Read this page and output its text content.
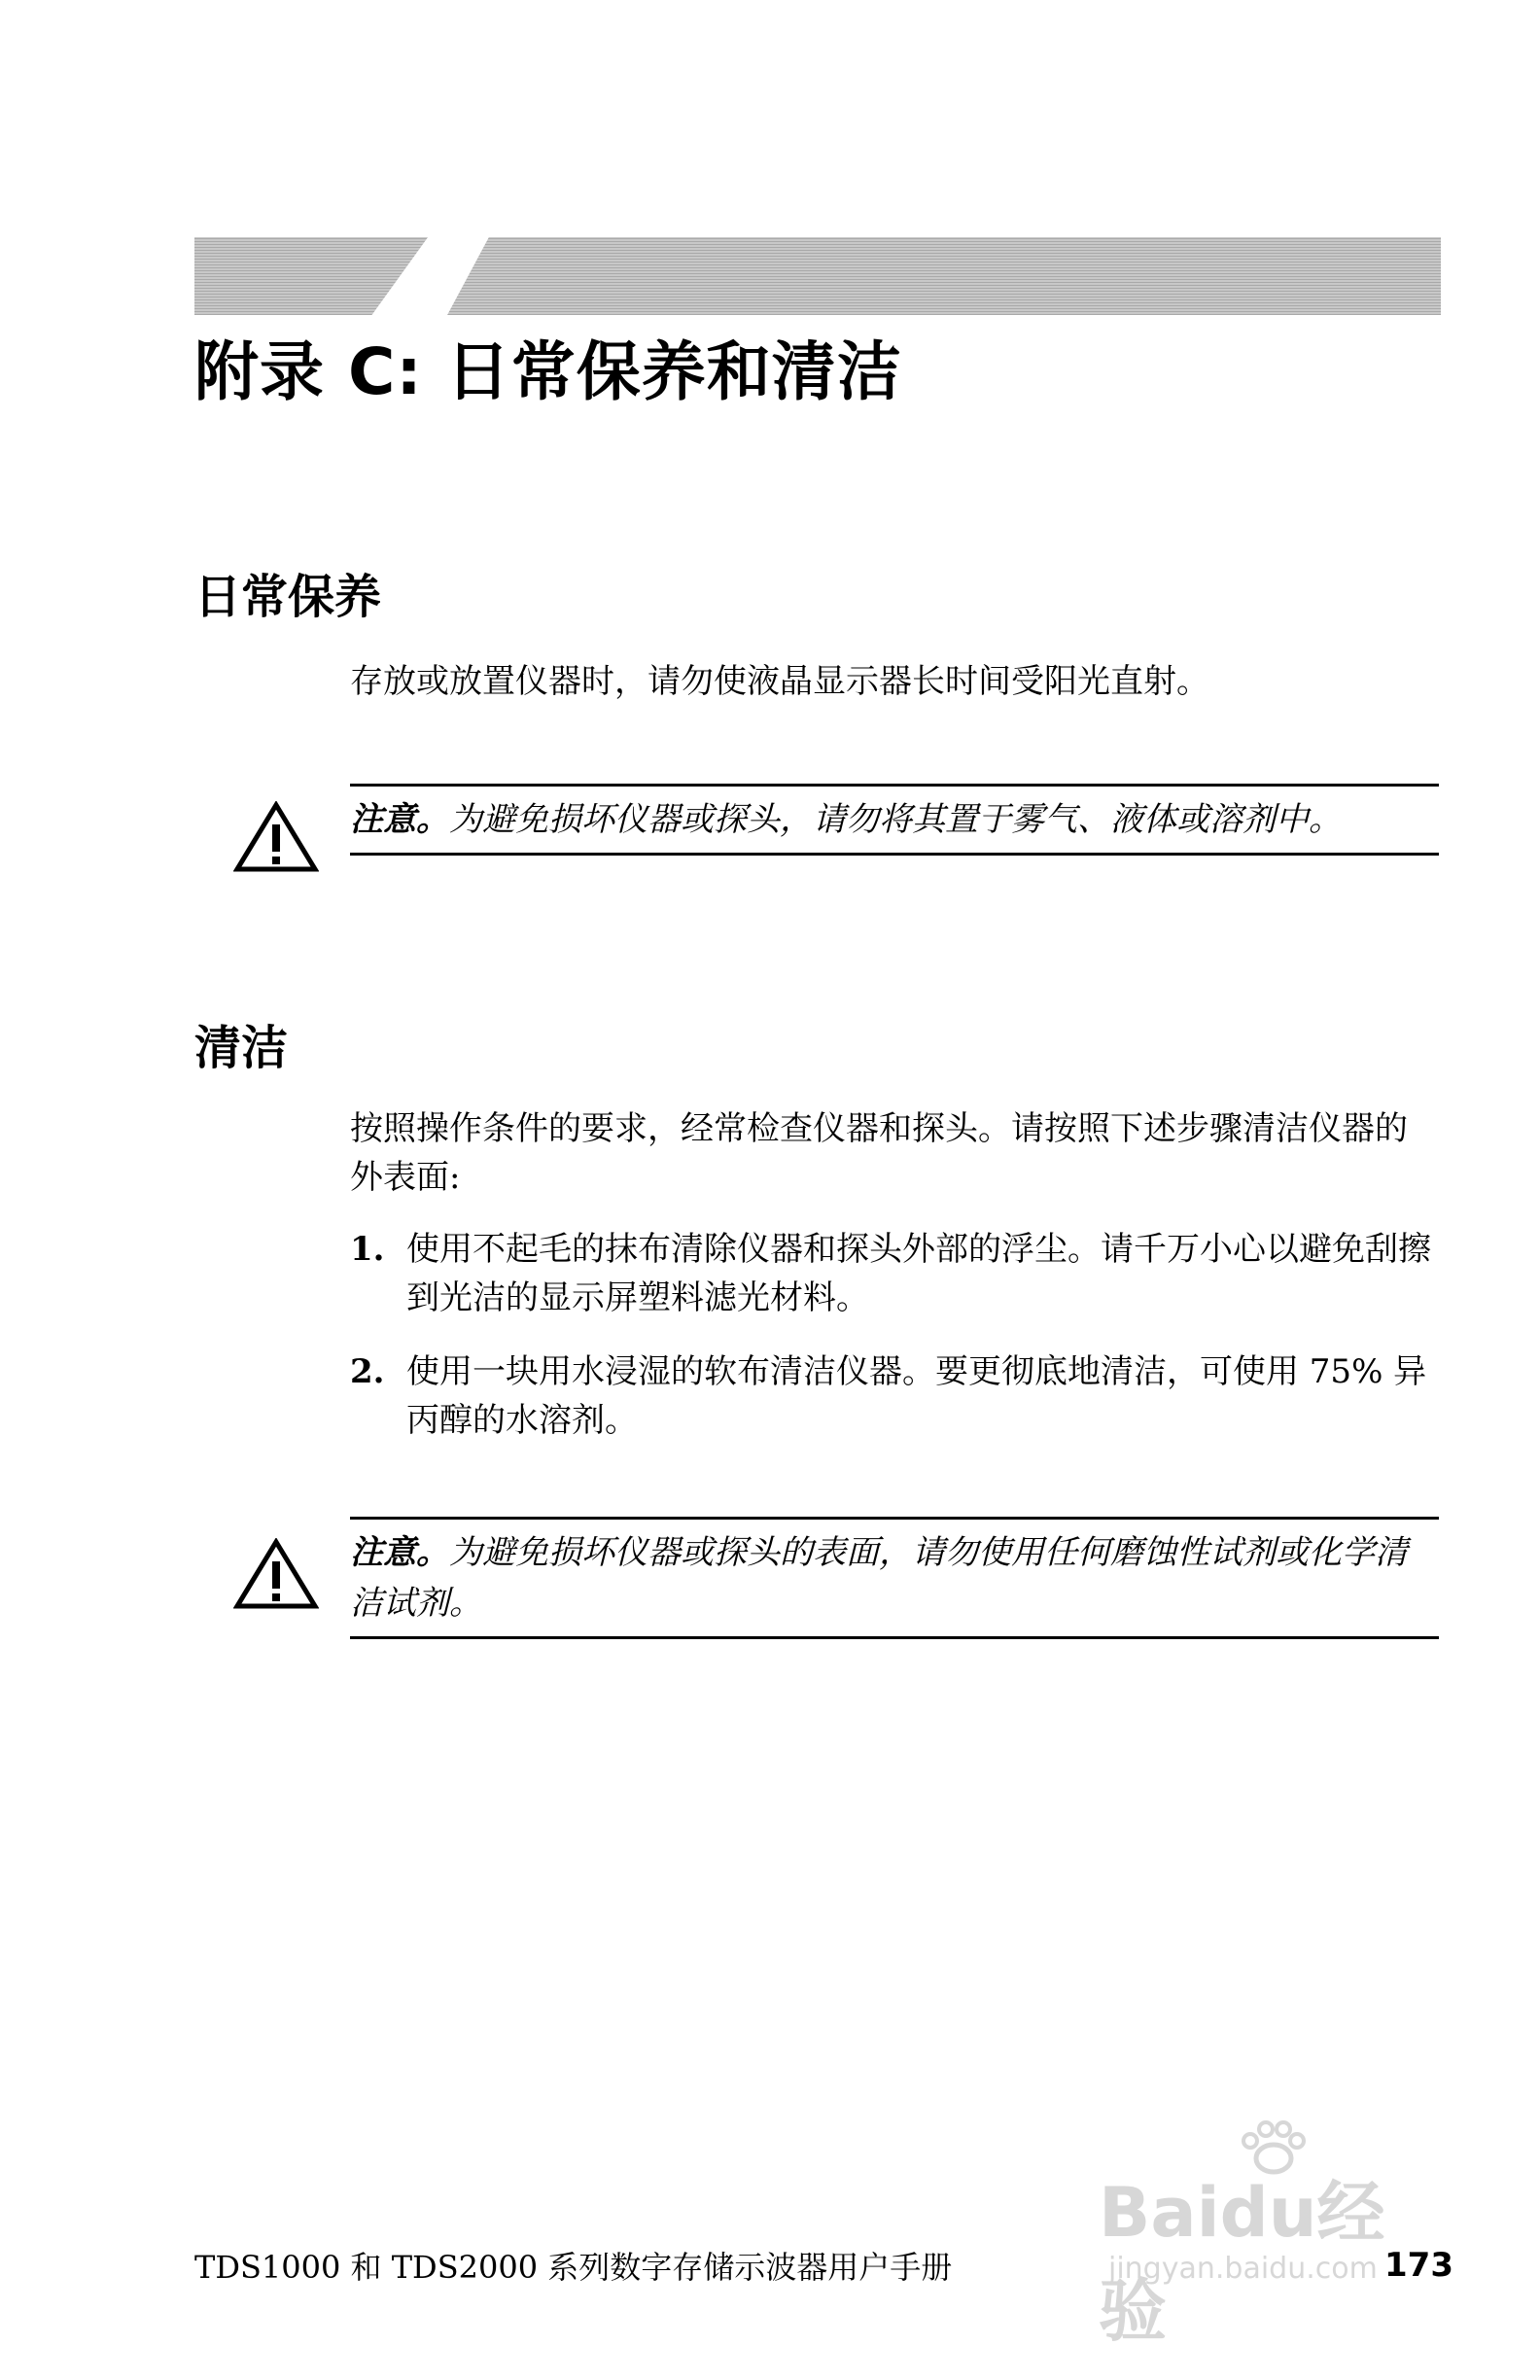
附录 C: 日常保养和清洁
日常保养

存放或放置仪器时，请勿使液晶显示器长时间受阳光直射。

注意。为避免损坏仪器或探头，请勿将其置于雾气、液体或溶剂中。
清洁

按照操作条件的要求，经常检查仪器和探头。请按照下述步骤清洁仪器的外表面:

1. 使用不起毛的抹布清除仪器和探头外部的浮尘。请千万小心以避免刮擦到光洁的显示屏塑料滤光材料。
2. 使用一块用水浸湿的软布清洁仪器。要更彻底地清洁，可使用 75% 异丙醇的水溶剂。
注意。为避免损坏仪器或探头的表面，请勿使用任何磨蚀性试剂或化学清洁试剂。
Baidu经验
jingyan.baidu.com
TDS1000 和 TDS2000 系列数字存储示波器用户手册	173
